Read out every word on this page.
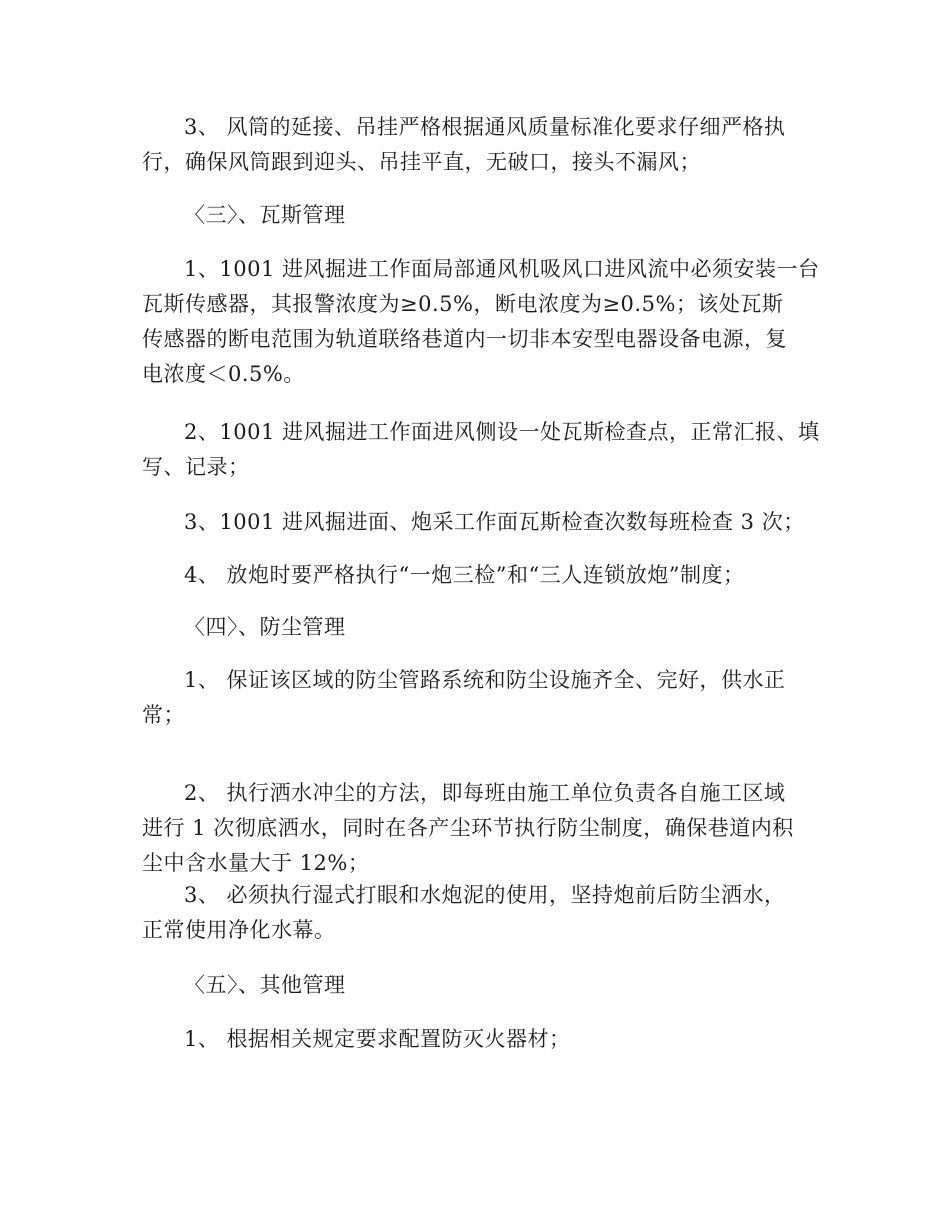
3、 风筒的延接、吊挂严格根据通风质量标准化要求仔细严格执
行，确保风筒跟到迎头、吊挂平直，无破口，接头不漏风；

〈三〉、瓦斯管理

1、1001 进风掘进工作面局部通风机吸风口进风流中必须安装一台
瓦斯传感器，其报警浓度为≥0.5%，断电浓度为≥0.5%；该处瓦斯
传感器的断电范围为轨道联络巷道内一切非本安型电器设备电源，复
电浓度＜0.5%。

2、1001 进风掘进工作面进风侧设一处瓦斯检查点，正常汇报、填
写、记录；

3、1001 进风掘进面、炮采工作面瓦斯检查次数每班检查 3 次；

4、 放炮时要严格执行“一炮三检”和“三人连锁放炮”制度；

〈四〉、防尘管理

1、 保证该区域的防尘管路系统和防尘设施齐全、完好，供水正
常；

2、 执行洒水冲尘的方法，即每班由施工单位负责各自施工区域
进行 1 次彻底洒水，同时在各产尘环节执行防尘制度，确保巷道内积
尘中含水量大于 12%；

3、 必须执行湿式打眼和水炮泥的使用，坚持炮前后防尘洒水，
正常使用净化水幕。

〈五〉、其他管理

1、 根据相关规定要求配置防灭火器材；
